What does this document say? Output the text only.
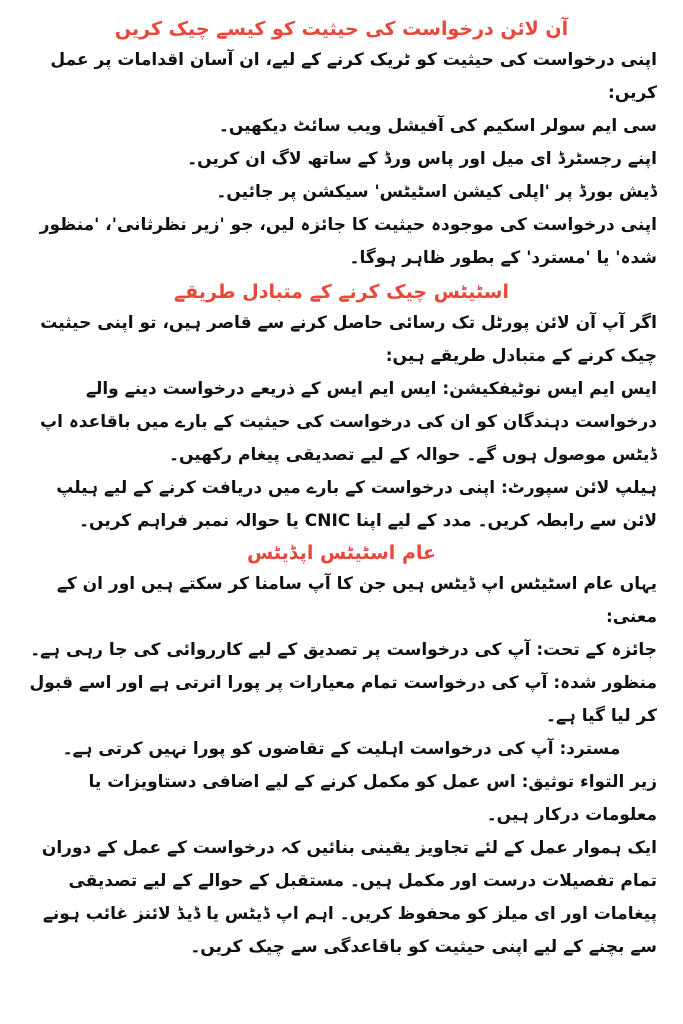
آن لائن درخواست کی حیثیت کو کیسے چیک کریں

اپنی درخواست کی حیثیت کو ٹریک کرنے کے لیے، ان آسان اقدامات پر عمل کریں:

سی ایم سولر اسکیم کی آفیشل ویب سائٹ دیکھیں۔

اپنے رجسٹرڈ ای میل اور پاس ورڈ کے ساتھ لاگ ان کریں۔

ڈیش بورڈ پر 'اپلی کیشن اسٹیٹس' سیکشن پر جائیں۔

اپنی درخواست کی موجودہ حیثیت کا جائزہ لیں، جو 'زیر نظرثانی'، 'منظور شدہ' یا 'مسترد' کے بطور ظاہر ہوگا۔

اسٹیٹس چیک کرنے کے متبادل طریقے

اگر آپ آن لائن پورٹل تک رسائی حاصل کرنے سے قاصر ہیں، تو اپنی حیثیت چیک کرنے کے متبادل طریقے ہیں:

ایس ایم ایس نوٹیفکیشن: ایس ایم ایس کے ذریعے درخواست دینے والے درخواست دہندگان کو ان کی درخواست کی حیثیت کے بارے میں باقاعدہ اپ ڈیٹس موصول ہوں گے۔ حوالہ کے لیے تصدیقی پیغام رکھیں۔

ہیلپ لائن سپورٹ: اپنی درخواست کے بارے میں دریافت کرنے کے لیے ہیلپ لائن سے رابطہ کریں۔ مدد کے لیے اپنا CNIC یا حوالہ نمبر فراہم کریں۔

عام اسٹیٹس اپڈیٹس

یہاں عام اسٹیٹس اپ ڈیٹس ہیں جن کا آپ سامنا کر سکتے ہیں اور ان کے معنی:

جائزہ کے تحت: آپ کی درخواست پر تصدیق کے لیے کارروائی کی جا رہی ہے۔

منظور شدہ: آپ کی درخواست تمام معیارات پر پورا اترتی ہے اور اسے قبول کر لیا گیا ہے۔

مسترد: آپ کی درخواست اہلیت کے تقاضوں کو پورا نہیں کرتی ہے۔

زیر التواء توثیق: اس عمل کو مکمل کرنے کے لیے اضافی دستاویزات یا معلومات درکار ہیں۔

ایک ہموار عمل کے لئے تجاویز یقینی بنائیں کہ درخواست کے عمل کے دوران تمام تفصیلات درست اور مکمل ہیں۔ مستقبل کے حوالے کے لیے تصدیقی پیغامات اور ای میلز کو محفوظ کریں۔ اہم اپ ڈیٹس یا ڈیڈ لائنز غائب ہونے سے بچنے کے لیے اپنی حیثیت کو باقاعدگی سے چیک کریں۔
